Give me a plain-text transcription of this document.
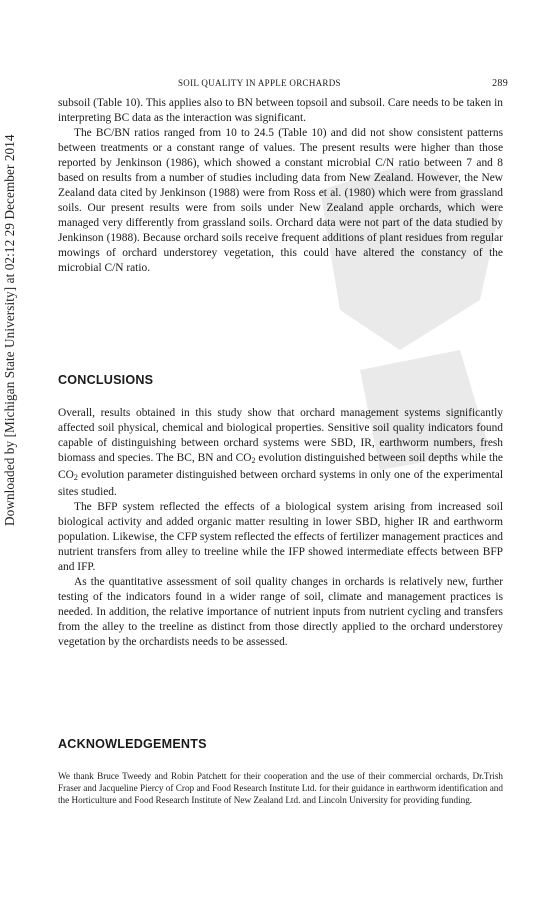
Downloaded by [Michigan State University] at 02:12 29 December 2014
SOIL QUALITY IN APPLE ORCHARDS	289

subsoil (Table 10). This applies also to BN between topsoil and subsoil. Care needs to be taken in interpreting BC data as the interaction was significant.

The BC/BN ratios ranged from 10 to 24.5 (Table 10) and did not show consistent patterns between treatments or a constant range of values. The present results were higher than those reported by Jenkinson (1986), which showed a constant microbial C/N ratio between 7 and 8 based on results from a number of studies including data from New Zealand. However, the New Zealand data cited by Jenkinson (1988) were from Ross et al. (1980) which were from grassland soils. Our present results were from soils under New Zealand apple orchards, which were managed very differently from grassland soils. Orchard data were not part of the data studied by Jenkinson (1988). Because orchard soils receive frequent additions of plant residues from regular mowings of orchard understorey vegetation, this could have altered the constancy of the microbial C/N ratio.

CONCLUSIONS

Overall, results obtained in this study show that orchard management systems significantly affected soil physical, chemical and biological properties. Sensitive soil quality indicators found capable of distinguishing between orchard systems were SBD, IR, earthworm numbers, fresh biomass and species. The BC, BN and $CO_2$ evolution distinguished between soil depths while the $CO_2$ evolution parameter distinguished between orchard systems in only one of the experimental sites studied.

The BFP system reflected the effects of a biological system arising from increased soil biological activity and added organic matter resulting in lower SBD, higher IR and earthworm population. Likewise, the CFP system reflected the effects of fertilizer management practices and nutrient transfers from alley to treeline while the IFP showed intermediate effects between BFP and IFP.

As the quantitative assessment of soil quality changes in orchards is relatively new, further testing of the indicators found in a wider range of soil, climate and management practices is needed. In addition, the relative importance of nutrient inputs from nutrient cycling and transfers from the alley to the treeline as distinct from those directly applied to the orchard understorey vegetation by the orchardists needs to be assessed.

ACKNOWLEDGEMENTS

We thank Bruce Tweedy and Robin Patchett for their cooperation and the use of their commercial orchards, Dr.Trish Fraser and Jacqueline Piercy of Crop and Food Research Institute Ltd. for their guidance in earthworm identification and the Horticulture and Food Research Institute of New Zealand Ltd. and Lincoln University for providing funding.
